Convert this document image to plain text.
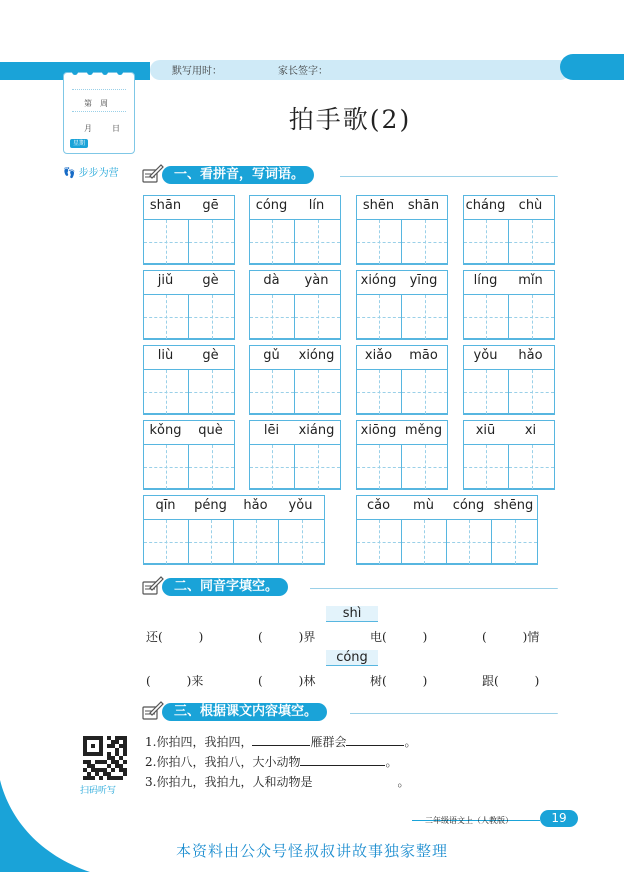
默写用时：	家长签字：
第　周
月	日
星期
👣 步步为营
拍手歌(2)
一、看拼音，写词语。
shān	gē	cóng	lín	shēn	shān	cháng	chù
jiǔ	gè	dà	yàn	xióng	yīng	líng	mǐn
liù	gè	gǔ	xióng	xiǎo	māo	yǒu	hǎo
kǒng	què	lēi	xiáng	xiōng měng	xiū	xi
qīn	péng	hǎo	yǒu	cǎo	mù	cóng shēng
二、同音字填空。
shì
还(　　　)	(　　　)界	电(　　　)	(　　　)情
cóng
(　　　)来	(　　　)林	树(　　　)	跟(　　　)
三、根据课文内容填空。
1.你拍四，我拍四，	雁群会	。
2.你拍八，我拍八，大小动物	。
3.你拍九，我拍九，人和动物是	。
扫码听写
二年级语文上（人教版）	19
本资料由公众号怪叔叔讲故事独家整理
